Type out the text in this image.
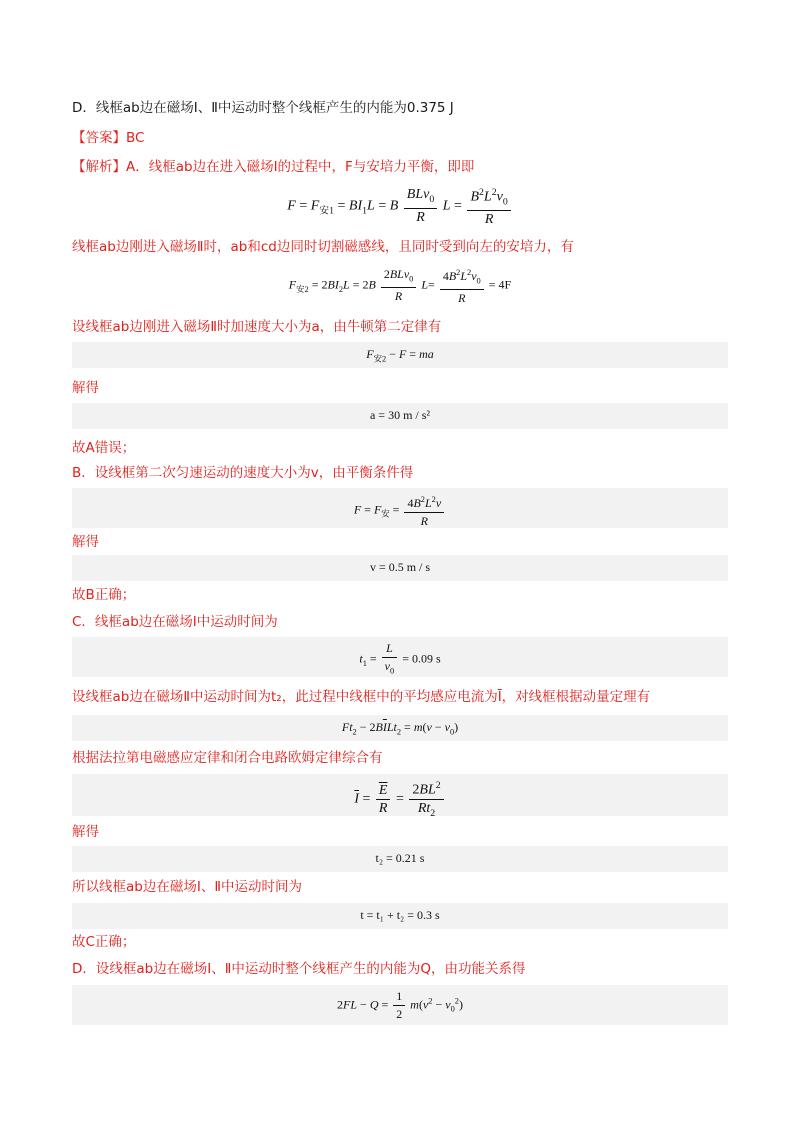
D．线框ab边在磁场Ⅰ、Ⅱ中运动时整个线框产生的内能为0.375 J
【答案】BC
【解析】A．线框ab边在进入磁场Ⅰ的过程中，F与安培力平衡，即即
$F = F_{安1} = BI_1L = B \frac{BLv_0}{R}$ $L = \frac{B^2L^2v_0}{R}$
线框ab边刚进入磁场Ⅱ时，ab和cd边同时切割磁感线，且同时受到向左的安培力，有
$F_{安2} = 2BI_2L = 2B \frac{2BLv_0}{R} L= \frac{4B^2L^2v_0}{R} = 4F$
设线框ab边刚进入磁场Ⅱ时加速度大小为a，由牛顿第二定律有
$F_{安2} - F$ = ma
解得
a = 30 m / s²
故A错误；
B．设线框第二次匀速运动的速度大小为v，由平衡条件得
$F = F_安 = \frac{4B^2L^2v}{R}$
解得
v = 0.5 m / s
故B正确；
C．线框ab边在磁场Ⅰ中运动时间为
$t_1 = \frac{L}{v_0} = 0.09$ s
设线框ab边在磁场Ⅱ中运动时间为t₂，此过程中线框中的平均感应电流为Ī，对线框根据动量定理有
$Ft_2 - 2B\overline{I}Lt_2 = m(v - v_0)$
根据法拉第电磁感应定律和闭合电路欧姆定律综合有
$\overline{I} = \frac{\overline{E}}{R} = \frac{2BL^2}{Rt_2}$
解得
t₂ = 0.21 s
所以线框ab边在磁场Ⅰ、Ⅱ中运动时间为
t = t₁ + t₂ = 0.3 s
故C正确；
D．设线框ab边在磁场Ⅰ、Ⅱ中运动时整个线框产生的内能为Q，由功能关系得
$2FL - Q = \frac{1}{2} m(v^2 - v_0^2)$
